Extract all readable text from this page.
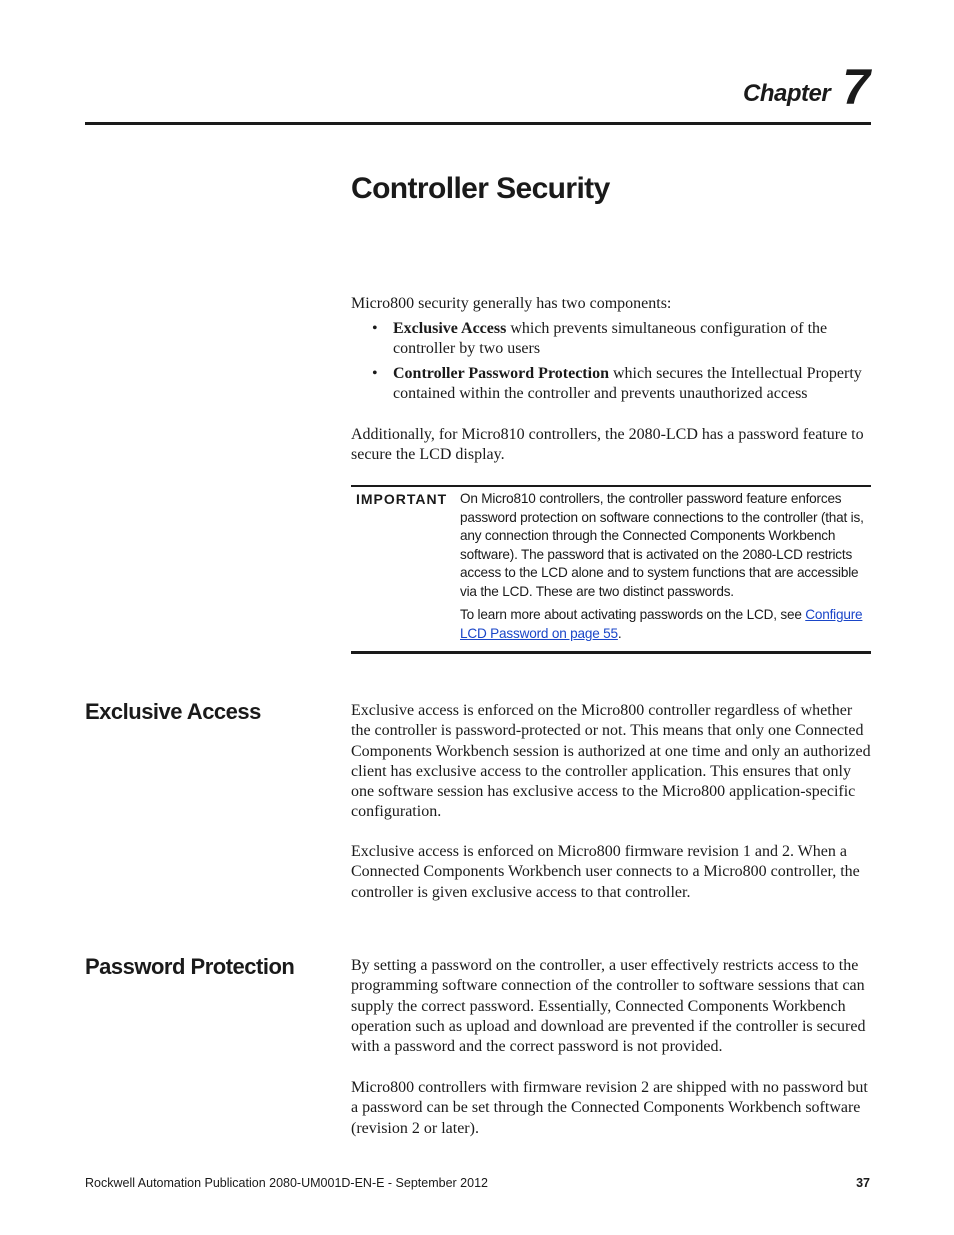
Chapter 7
Controller Security

Micro800 security generally has two components:

• Exclusive Access which prevents simultaneous configuration of the controller by two users
• Controller Password Protection which secures the Intellectual Property contained within the controller and prevents unauthorized access

Additionally, for Micro810 controllers, the 2080-LCD has a password feature to secure the LCD display.

IMPORTANT On Micro810 controllers, the controller password feature enforces password protection on software connections to the controller (that is, any connection through the Connected Components Workbench software). The password that is activated on the 2080-LCD restricts access to the LCD alone and to system functions that are accessible via the LCD. These are two distinct passwords.

To learn more about activating passwords on the LCD, see Configure LCD Password on page 55.

Exclusive Access	Exclusive access is enforced on the Micro800 controller regardless of whether the controller is password-protected or not. This means that only one Connected Components Workbench session is authorized at one time and only an authorized client has exclusive access to the controller application. This ensures that only one software session has exclusive access to the Micro800 application-specific configuration.

Exclusive access is enforced on Micro800 firmware revision 1 and 2. When a Connected Components Workbench user connects to a Micro800 controller, the controller is given exclusive access to that controller.

Password Protection	By setting a password on the controller, a user effectively restricts access to the programming software connection of the controller to software sessions that can supply the correct password. Essentially, Connected Components Workbench operation such as upload and download are prevented if the controller is secured with a password and the correct password is not provided.

Micro800 controllers with firmware revision 2 are shipped with no password but a password can be set through the Connected Components Workbench software (revision 2 or later).

Rockwell Automation Publication 2080-UM001D-EN-E - September 2012	37
